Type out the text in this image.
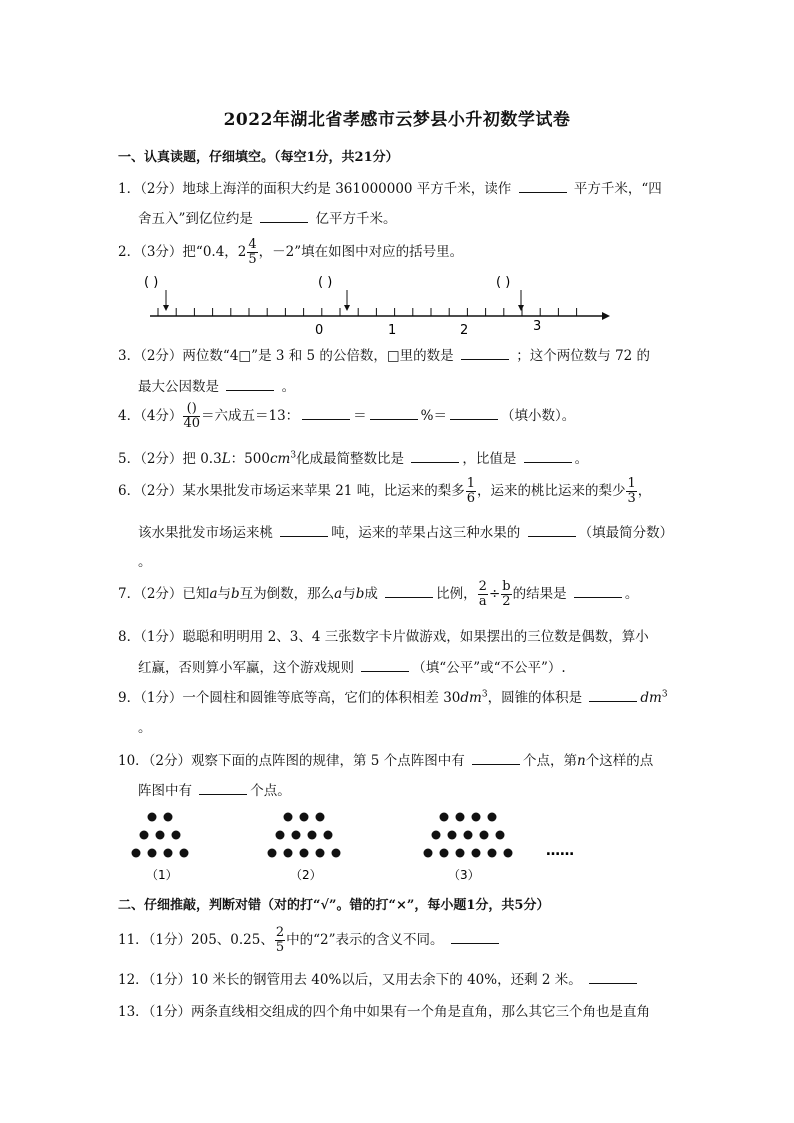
2022年湖北省孝感市云梦县小升初数学试卷
一、认真读题，仔细填空。（每空1分，共21分）
1．（2分）地球上海洋的面积大约是 361000000 平方千米，读作	平方千米，“四
舍五入”到亿位约是	亿平方千米。
2．（3分）把“0.4，$2 \frac{4}{5}$ ，－2”填在如图中对应的括号里。
( )	( )	( )
0	1	2	3
3．（2分）两位数“4□”是 3 和 5 的公倍数，□里的数是	；这个两位数与 72 的
最大公因数是	。
4．（4分） $\frac{()}{40}$ ＝六成五＝13：	＝	%＝	（填小数）。
5．（2分）把 0.3L：$500cm^3$化成最简整数比是	，比值是	。
6．（2分）某水果批发市场运来苹果 21 吨，比运来的梨多 $\frac{1}{6}$ ，运来的桃比运来的梨少 $\frac{1}{3}$ ，
该水果批发市场运来桃	吨，运来的苹果占这三种水果的	（填最简分数）
。
7．（2分）已知a与b互为倒数，那么a与b成	比例， $\frac{2}{a} \div \frac{b}{2}$ 的结果是	。
8．（1分）聪聪和明明用 2、3、4 三张数字卡片做游戏，如果摆出的三位数是偶数，算小
红赢，否则算小军赢，这个游戏规则	（填“公平”或“不公平”）.
9．（1分）一个圆柱和圆锥等底等高，它们的体积相差 $30dm^3$，圆锥的体积是	$dm^3$
。
10．（2分）观察下面的点阵图的规律，第 5 个点阵图中有	个点，第n个这样的点
阵图中有	个点。
……
（1）	（2）	（3）
二、仔细推敲，判断对错（对的打“√”。错的打“×”，每小题1分，共5分）
11．（1分）205、0.25、 $\frac{2}{5}$ 中的“2”表示的含义不同。
12．（1分）10 米长的钢管用去 40%以后，又用去余下的 40%，还剩 2 米。
13．（1分）两条直线相交组成的四个角中如果有一个角是直角，那么其它三个角也是直角
